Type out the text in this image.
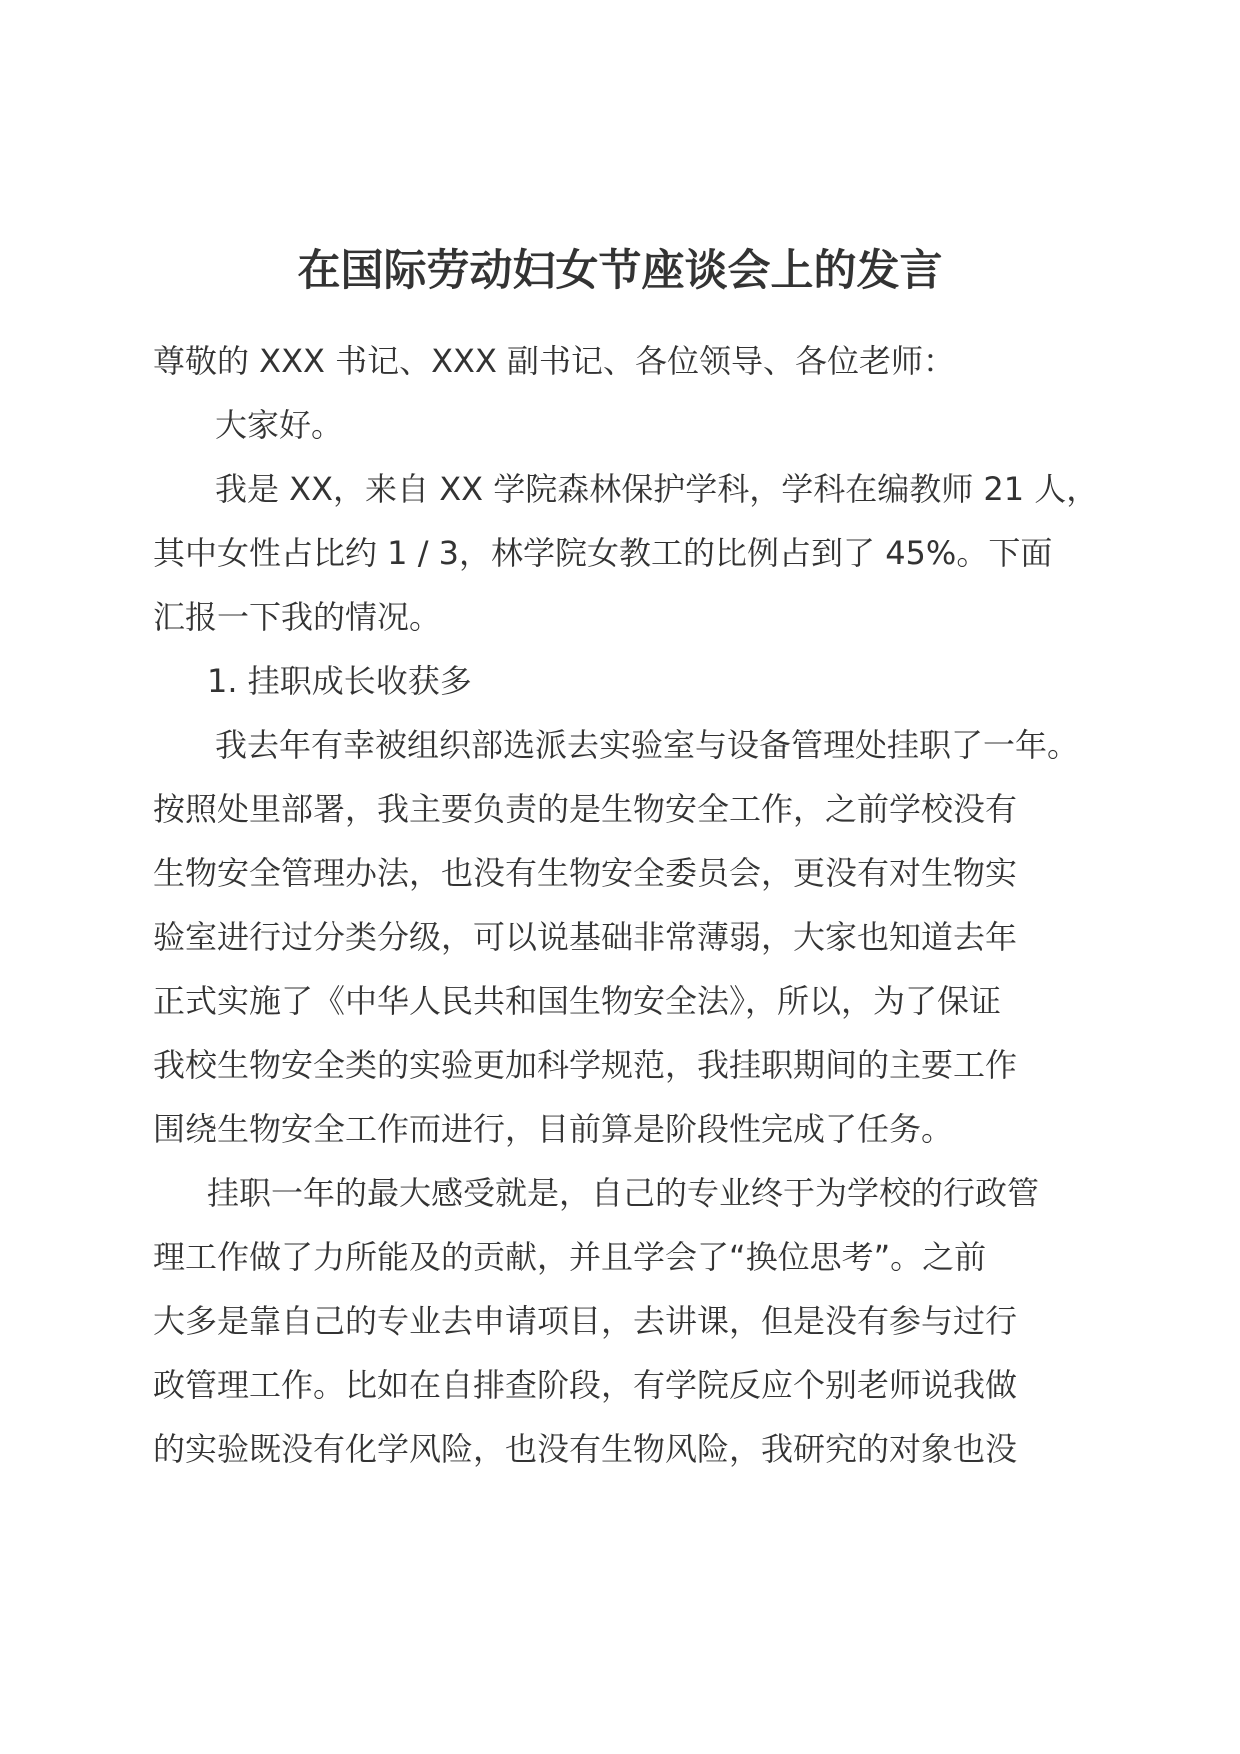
在国际劳动妇女节座谈会上的发言

尊敬的 XXX 书记、XXX 副书记、各位领导、各位老师：

大家好。

我是 XX，来自 XX 学院森林保护学科，学科在编教师 21 人，

其中女性占比约 1 / 3，林学院女教工的比例占到了 45%。下面

汇报一下我的情况。

1. 挂职成长收获多

我去年有幸被组织部选派去实验室与设备管理处挂职了一年。

按照处里部署，我主要负责的是生物安全工作，之前学校没有

生物安全管理办法，也没有生物安全委员会，更没有对生物实

验室进行过分类分级，可以说基础非常薄弱，大家也知道去年

正式实施了《中华人民共和国生物安全法》，所以，为了保证

我校生物安全类的实验更加科学规范，我挂职期间的主要工作

围绕生物安全工作而进行，目前算是阶段性完成了任务。

挂职一年的最大感受就是，自己的专业终于为学校的行政管

理工作做了力所能及的贡献，并且学会了“换位思考”。之前

大多是靠自己的专业去申请项目，去讲课，但是没有参与过行

政管理工作。比如在自排查阶段，有学院反应个别老师说我做

的实验既没有化学风险，也没有生物风险，我研究的对象也没
